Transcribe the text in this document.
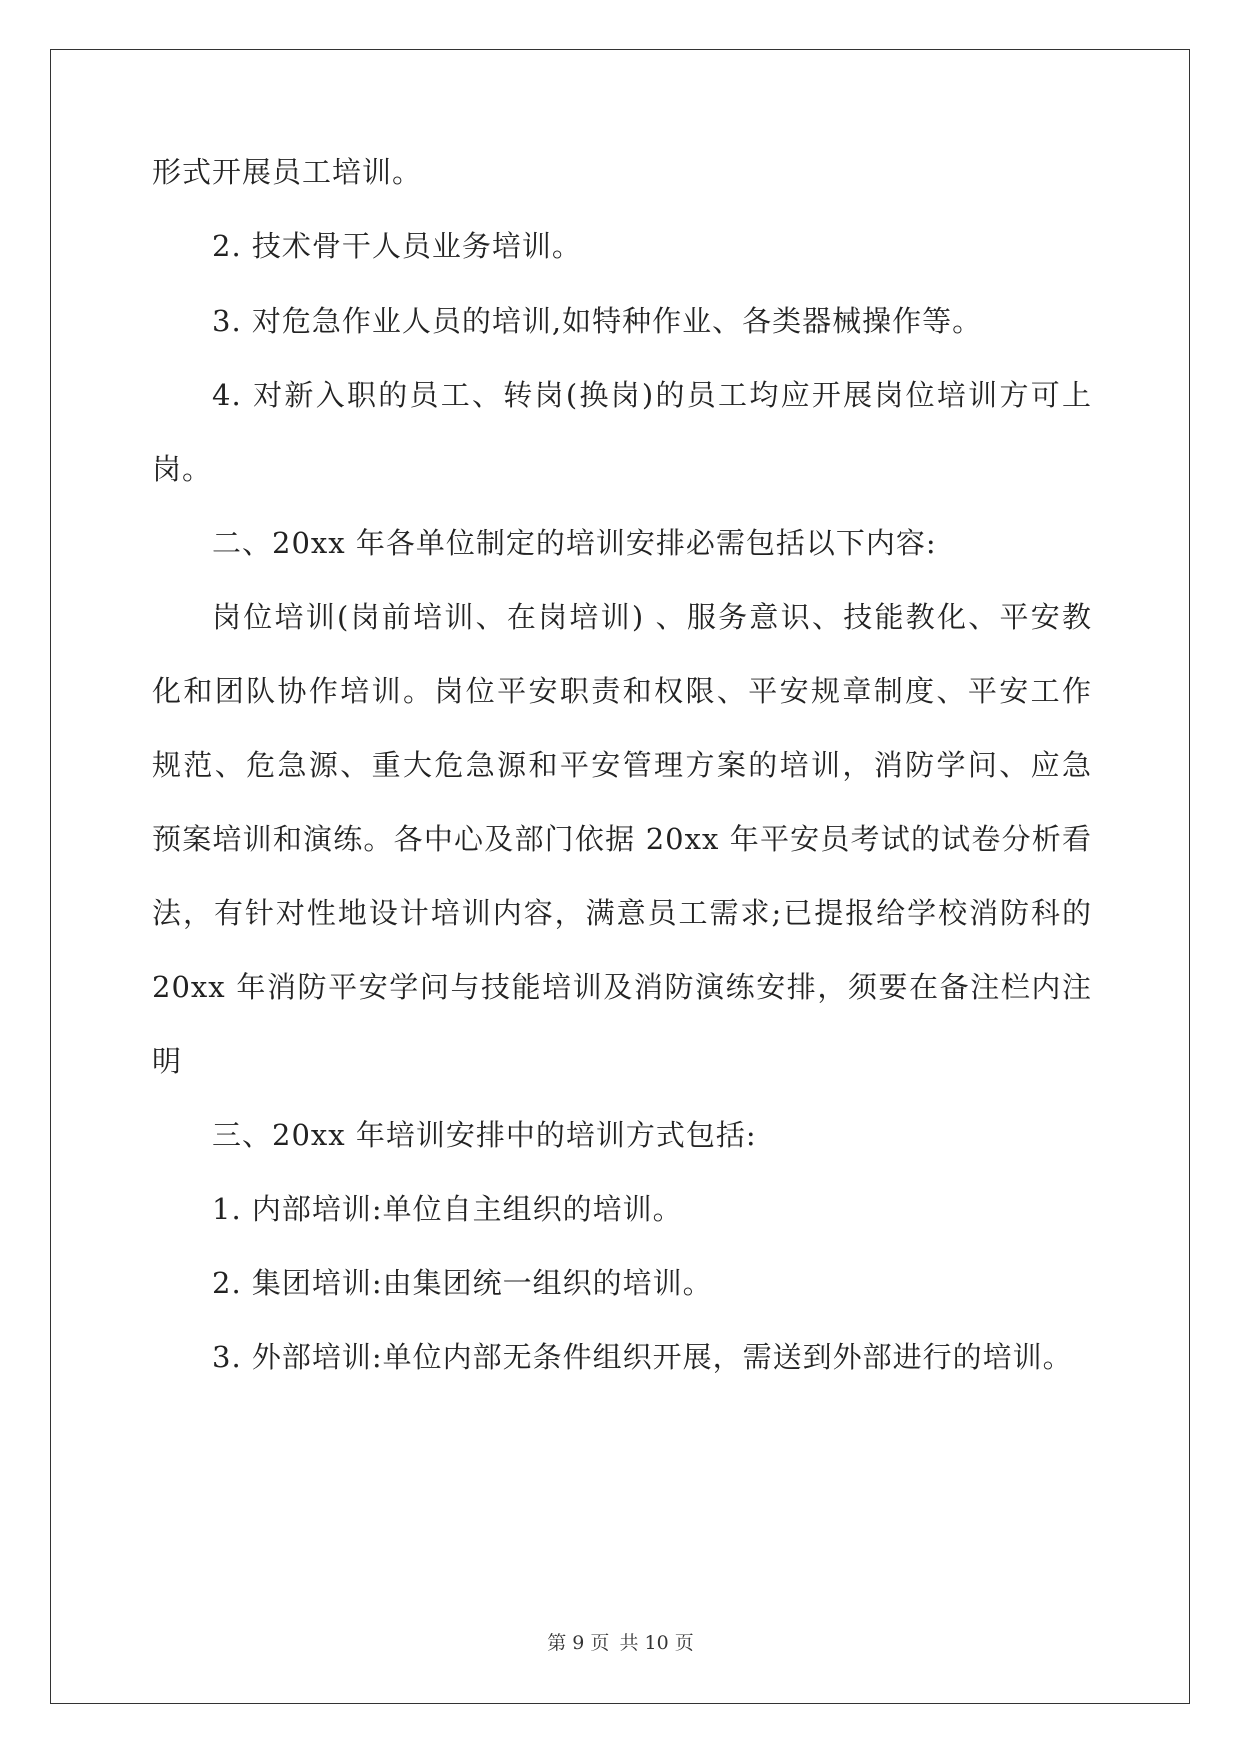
形式开展员工培训。
2. 技术骨干人员业务培训。
3. 对危急作业人员的培训,如特种作业、各类器械操作等。
4. 对新入职的员工、转岗(换岗)的员工均应开展岗位培训方可上
岗。
二、20xx 年各单位制定的培训安排必需包括以下内容:
岗位培训(岗前培训、在岗培训) 、服务意识、技能教化、平安教
化和团队协作培训。岗位平安职责和权限、平安规章制度、平安工作
规范、危急源、重大危急源和平安管理方案的培训，消防学问、应急
预案培训和演练。各中心及部门依据 20xx 年平安员考试的试卷分析看
法，有针对性地设计培训内容，满意员工需求;已提报给学校消防科的
20xx 年消防平安学问与技能培训及消防演练安排，须要在备注栏内注
明
三、20xx 年培训安排中的培训方式包括:
1. 内部培训:单位自主组织的培训。
2. 集团培训:由集团统一组织的培训。
3. 外部培训:单位内部无条件组织开展，需送到外部进行的培训。
第 9 页 共 10 页
